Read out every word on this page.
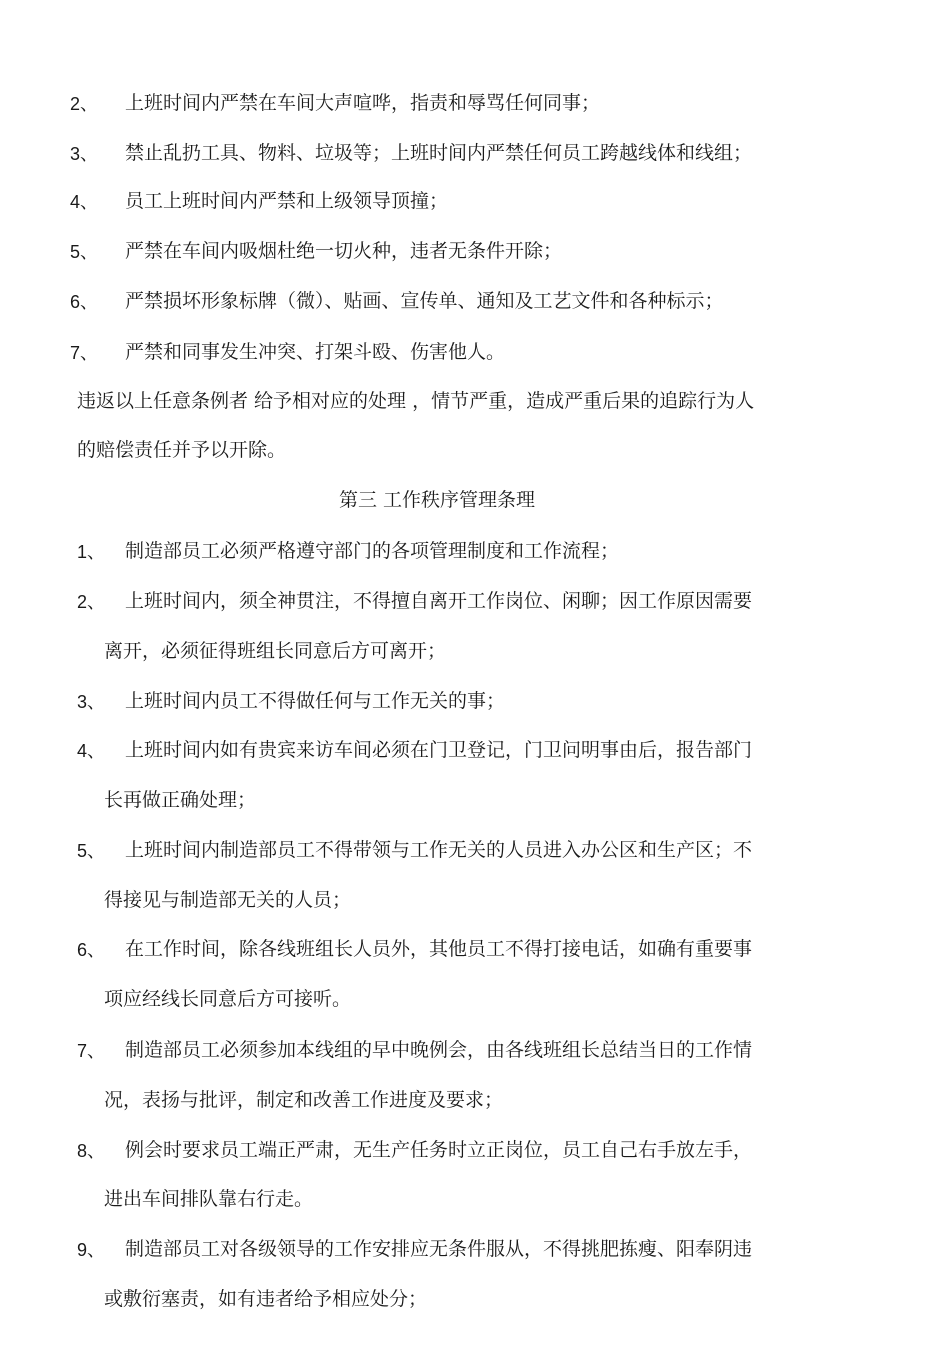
2、 上班时间内严禁在车间大声喧哗，指责和辱骂任何同事；
3、 禁止乱扔工具、物料、垃圾等；上班时间内严禁任何员工跨越线体和线组；
4、 员工上班时间内严禁和上级领导顶撞；
5、 严禁在车间内吸烟杜绝一切火种，违者无条件开除；
6、 严禁损坏形象标牌（微）、贴画、宣传单、通知及工艺文件和各种标示；
7、 严禁和同事发生冲突、打架斗殴、伤害他人。
违返以上任意条例者 给予相对应的处理 ，情节严重，造成严重后果的追踪行为人
的赔偿责任并予以开除。
第三 工作秩序管理条理
1、 制造部员工必须严格遵守部门的各项管理制度和工作流程；
2、 上班时间内，须全神贯注，不得擅自离开工作岗位、闲聊；因工作原因需要
离开，必须征得班组长同意后方可离开；
3、 上班时间内员工不得做任何与工作无关的事；
4、 上班时间内如有贵宾来访车间必须在门卫登记，门卫问明事由后，报告部门
长再做正确处理；
5、 上班时间内制造部员工不得带领与工作无关的人员进入办公区和生产区；不
得接见与制造部无关的人员；
6、 在工作时间，除各线班组长人员外，其他员工不得打接电话，如确有重要事
项应经线长同意后方可接听。
7、 制造部员工必须参加本线组的早中晚例会，由各线班组长总结当日的工作情
况，表扬与批评，制定和改善工作进度及要求；
8、 例会时要求员工端正严肃，无生产任务时立正岗位，员工自己右手放左手，
进出车间排队靠右行走。
9、 制造部员工对各级领导的工作安排应无条件服从，不得挑肥拣瘦、阳奉阴违
或敷衍塞责，如有违者给予相应处分；
